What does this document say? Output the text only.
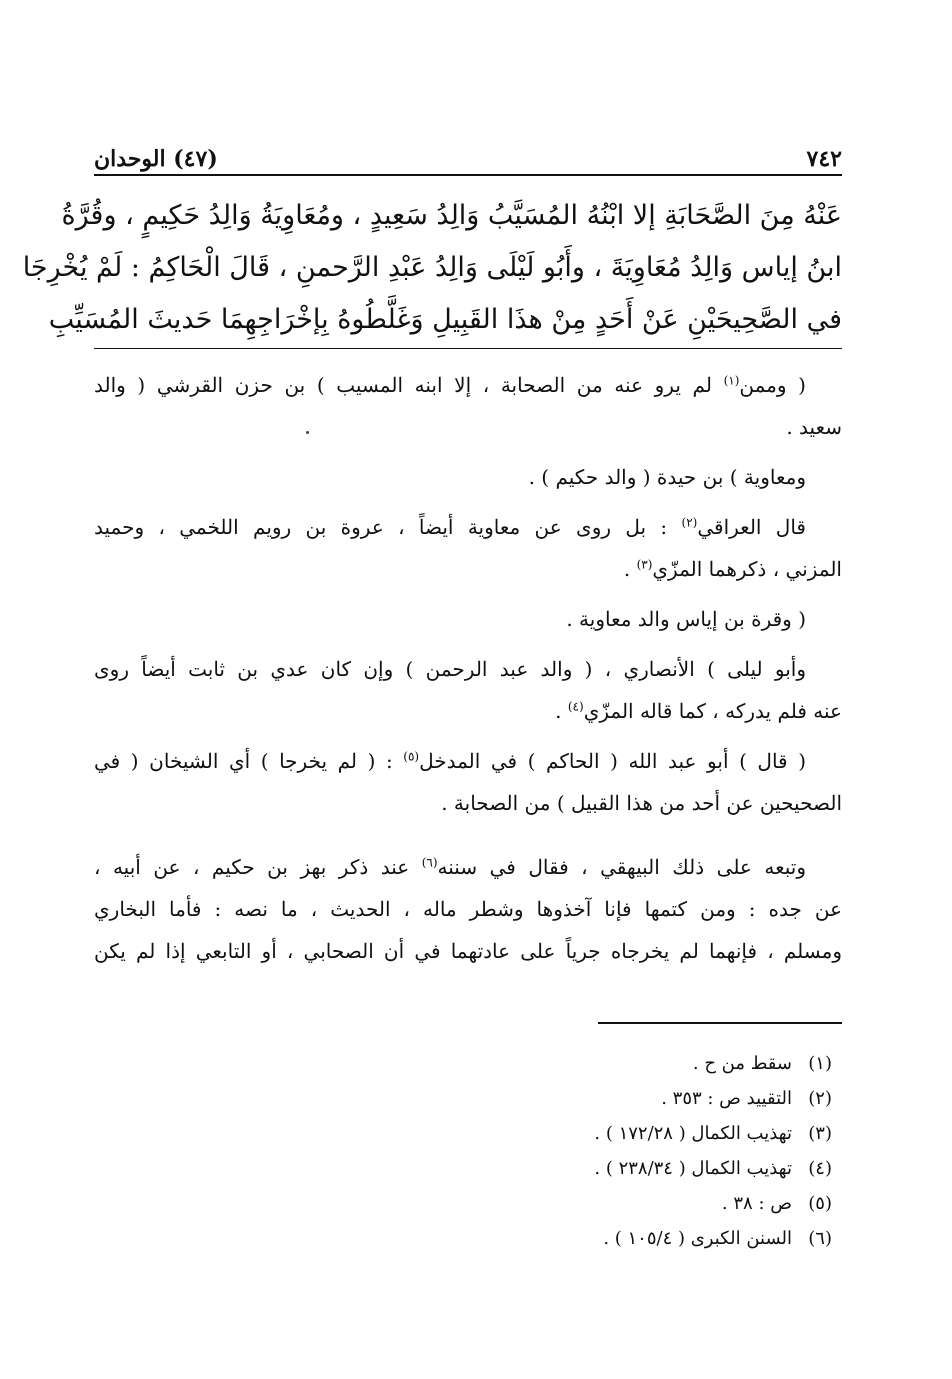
٧٤٢
(٤٧) الوحدان
عَنْهُ مِنَ الصَّحَابَةِ إلا ابْنُهُ المُسَيَّبُ وَالِدُ سَعِيدٍ ، ومُعَاوِيَةُ وَالِدُ حَكِيمٍ ، وقُرَّةُ
ابنُ إياس وَالِدُ مُعَاوِيَةَ ، وأَبُو لَيْلَى وَالِدُ عَبْدِ الرَّحمنِ ، قَالَ الْحَاكِمُ : لَمْ يُخْرِجَا
في الصَّحِيحَيْنِ عَنْ أَحَدٍ مِنْ هذَا القَبِيلِ وَغَلَّطُوهُ بِإخْرَاجِهِمَا حَديثَ المُسَيِّبِ

( وممن$^{(١)}$ لم يرو عنه من الصحابة ، إلا ابنه المسيب ) بن حزن القرشي ( والد
سعيد .

ومعاوية ) بن حيدة ( والد حكيم ) .

قال العراقي$^{(٢)}$ : بل روى عن معاوية أيضاً ، عروة بن رويم اللخمي ، وحميد
المزني ، ذكرهما المزّي$^{(٣)}$ .

( وقرة بن إياس والد معاوية .

وأبو ليلى ) الأنصاري ، ( والد عبد الرحمن ) وإن كان عدي بن ثابت أيضاً روى
عنه فلم يدركه ، كما قاله المزّي$^{(٤)}$ .

( قال ) أبو عبد الله ( الحاكم ) في المدخل$^{(٥)}$ : ( لم يخرجا ) أي الشيخان ( في
الصحيحين عن أحد من هذا القبيل ) من الصحابة .

وتبعه على ذلك البيهقي ، فقال في سننه$^{(٦)}$ عند ذكر بهز بن حكيم ، عن أبيه ،
عن جده : ومن كتمها فإنا آخذوها وشطر ماله ، الحديث ، ما نصه : فأما البخاري
ومسلم ، فإنهما لم يخرجاه جرياً على عادتهما في أن الصحابي ، أو التابعي إذا لم يكن

(١)
سقط من ح .
(٢)
التقييد ص : ٣٥٣ .
(٣)
تهذيب الكمال ( ١٧٢/٢٨ ) .
(٤)
تهذيب الكمال ( ٢٣٨/٣٤ ) .
(٥)
ص : ٣٨ .
(٦)
السنن الكبرى ( ١٠٥/٤ ) .
